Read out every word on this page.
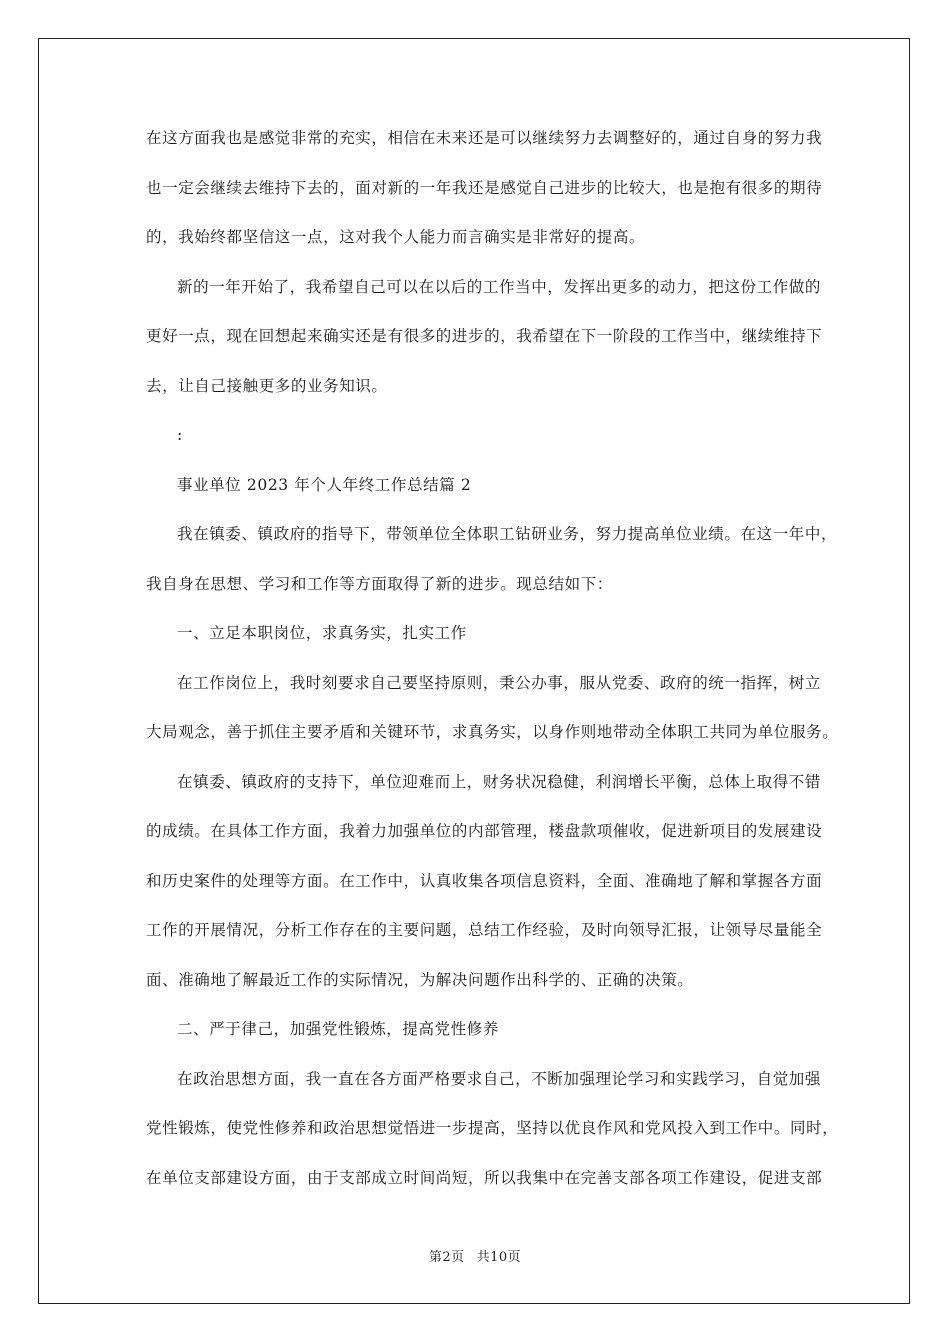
在这方面我也是感觉非常的充实，相信在未来还是可以继续努力去调整好的，通过自身的努力我
也一定会继续去维持下去的，面对新的一年我还是感觉自己进步的比较大，也是抱有很多的期待
的，我始终都坚信这一点，这对我个人能力而言确实是非常好的提高。
新的一年开始了，我希望自己可以在以后的工作当中，发挥出更多的动力，把这份工作做的
更好一点，现在回想起来确实还是有很多的进步的，我希望在下一阶段的工作当中，继续维持下
去，让自己接触更多的业务知识。
:
事业单位 2023 年个人年终工作总结篇 2
我在镇委、镇政府的指导下，带领单位全体职工钻研业务，努力提高单位业绩。在这一年中，
我自身在思想、学习和工作等方面取得了新的进步。现总结如下：
一、立足本职岗位，求真务实，扎实工作
在工作岗位上，我时刻要求自己要坚持原则，秉公办事，服从党委、政府的统一指挥，树立
大局观念，善于抓住主要矛盾和关键环节，求真务实，以身作则地带动全体职工共同为单位服务。
在镇委、镇政府的支持下，单位迎难而上，财务状况稳健，利润增长平衡，总体上取得不错
的成绩。在具体工作方面，我着力加强单位的内部管理，楼盘款项催收，促进新项目的发展建设
和历史案件的处理等方面。在工作中，认真收集各项信息资料，全面、准确地了解和掌握各方面
工作的开展情况，分析工作存在的主要问题，总结工作经验，及时向领导汇报，让领导尽量能全
面、准确地了解最近工作的实际情况，为解决问题作出科学的、正确的决策。
二、严于律己，加强党性锻炼，提高党性修养
在政治思想方面，我一直在各方面严格要求自己，不断加强理论学习和实践学习，自觉加强
党性锻炼，使党性修养和政治思想觉悟进一步提高，坚持以优良作风和党风投入到工作中。同时，
在单位支部建设方面，由于支部成立时间尚短，所以我集中在完善支部各项工作建设，促进支部
第2页 共10页
